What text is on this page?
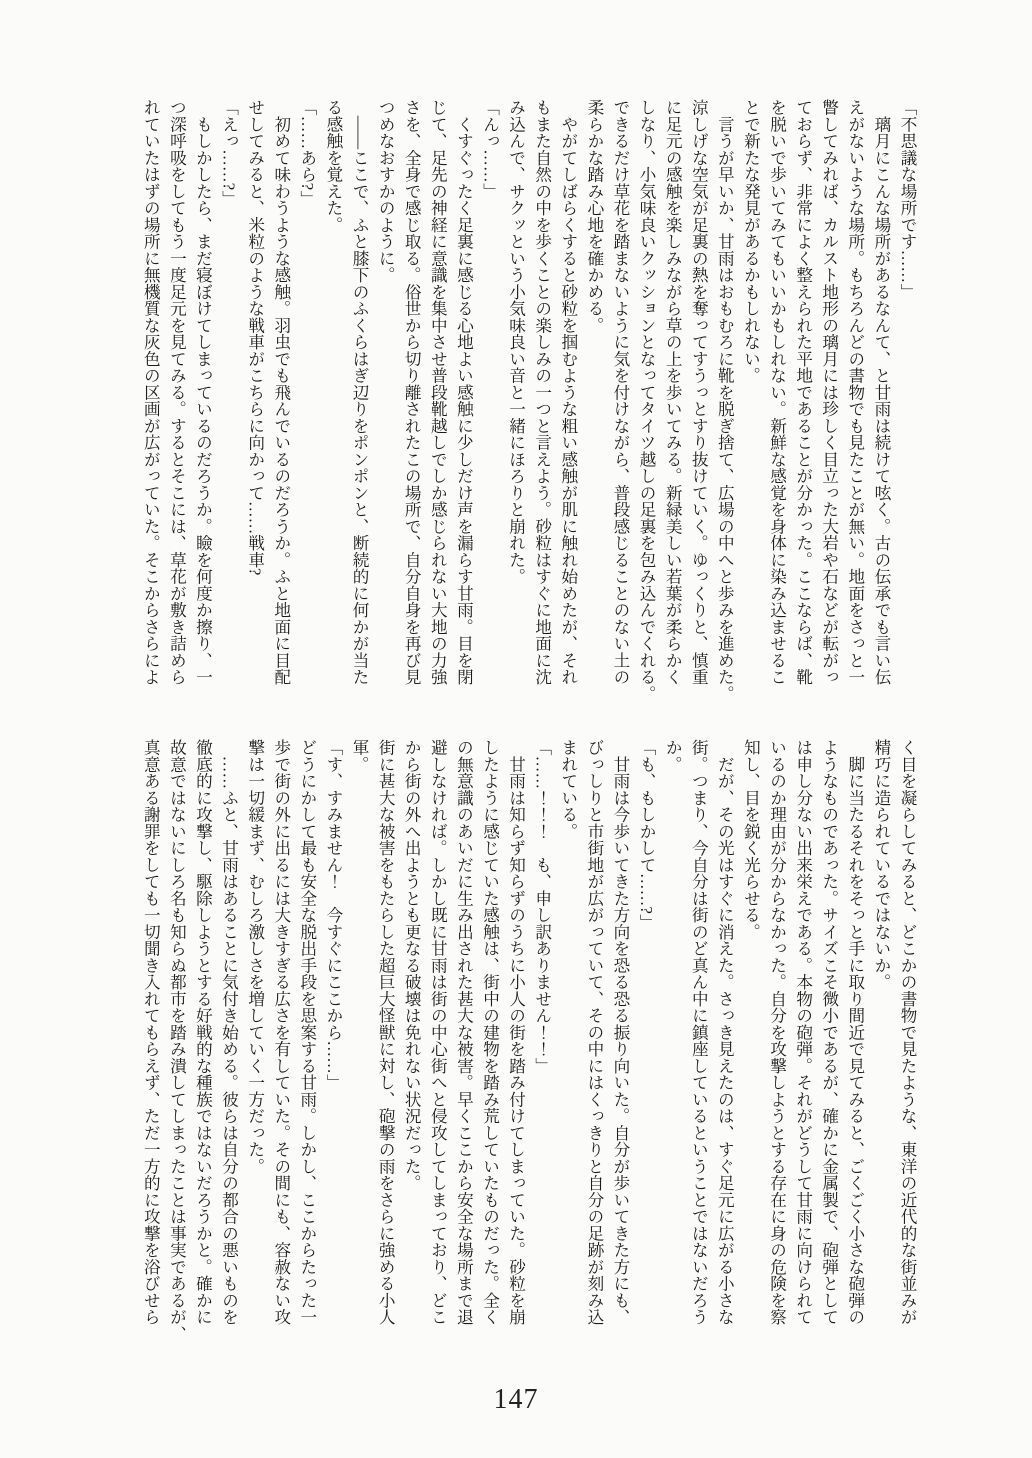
「不思議な場所です……」
　璃月にこんな場所があるなんて、と甘雨は続けて呟く。古の伝承でも言い伝
えがないような場所。もちろんどの書物でも見たことが無い。地面をさっと一
瞥してみれば、カルスト地形の璃月には珍しく目立った大岩や石などが転がっ
ておらず、非常によく整えられた平地であることが分かった。ここならば、靴
を脱いで歩いてみてもいいかもしれない。新鮮な感覚を身体に染み込ませるこ
とで新たな発見があるかもしれない。
　言うが早いか、甘雨はおもむろに靴を脱ぎ捨て、広場の中へと歩みを進めた。
涼しげな空気が足裏の熱を奪ってすうっとすり抜けていく。ゆっくりと、慎重
に足元の感触を楽しみながら草の上を歩いてみる。新緑美しい若葉が柔らかく
しなり、小気味良いクッションとなってタイツ越しの足裏を包み込んでくれる。
できるだけ草花を踏まないように気を付けながら、普段感じることのない土の
柔らかな踏み心地を確かめる。
　やがてしばらくすると砂粒を掴むような粗い感触が肌に触れ始めたが、それ
もまた自然の中を歩くことの楽しみの一つと言えよう。砂粒はすぐに地面に沈
み込んで、サクッという小気味良い音と一緒にほろりと崩れた。
「んっ……」
　くすぐったく足裏に感じる心地よい感触に少しだけ声を漏らす甘雨。目を閉
じて、足先の神経に意識を集中させ普段靴越しでしか感じられない大地の力強
さを、全身で感じ取る。俗世から切り離されたこの場所で、自分自身を再び見
つめなおすかのように。
　――ここで、ふと膝下のふくらはぎ辺りをポンポンと、断続的に何かが当た
る感触を覚えた。
「……あら?」
　初めて味わうような感触。羽虫でも飛んでいるのだろうか。ふと地面に目配
せしてみると、米粒のような戦車がこちらに向かって……戦車?
「えっ……?」
　もしかしたら、まだ寝ぼけてしまっているのだろうか。瞼を何度か擦り、一
つ深呼吸をしてもう一度足元を見てみる。するとそこには、草花が敷き詰めら
れていたはずの場所に無機質な灰色の区画が広がっていた。そこからさらによ
く目を凝らしてみると、どこかの書物で見たような、東洋の近代的な街並みが
精巧に造られているではないか。
　脚に当たるそれをそっと手に取り間近で見てみると、ごくごく小さな砲弾の
ようなものであった。サイズこそ微小であるが、確かに金属製で、砲弾として
は申し分ない出来栄えである。本物の砲弾。それがどうして甘雨に向けられて
いるのか理由が分からなかった。自分を攻撃しようとする存在に身の危険を察
知し、目を鋭く光らせる。
　だが、その光はすぐに消えた。さっき見えたのは、すぐ足元に広がる小さな
街。つまり、今自分は街のど真ん中に鎮座しているということではないだろう
か。
「も、もしかして……?」
　甘雨は今歩いてきた方向を恐る恐る振り向いた。自分が歩いてきた方にも、
びっしりと市街地が広がっていて、その中にはくっきりと自分の足跡が刻み込
まれている。
「……！！！　も、申し訳ありません！！」
　甘雨は知らず知らずのうちに小人の街を踏み付けてしまっていた。砂粒を崩
したように感じていた感触は、街中の建物を踏み荒していたものだった。全く
の無意識のあいだに生み出された甚大な被害。早くここから安全な場所まで退
避しなければ。しかし既に甘雨は街の中心街へと侵攻してしまっており、どこ
から街の外へ出ようとも更なる破壊は免れない状況だった。
街に甚大な被害をもたらした超巨大怪獣に対し、砲撃の雨をさらに強める小人
軍。
「す、すみません！　今すぐにここから……」
どうにかして最も安全な脱出手段を思案する甘雨。しかし、ここからたった一
歩で街の外に出るには大きすぎる広さを有していた。その間にも、容赦ない攻
撃は一切緩まず、むしろ激しさを増していく一方だった。
　……ふと、甘雨はあることに気付き始める。彼らは自分の都合の悪いものを
徹底的に攻撃し、駆除しようとする好戦的な種族ではないだろうかと。確かに
故意ではないにしろ名も知らぬ都市を踏み潰してしまったことは事実であるが、
真意ある謝罪をしても一切聞き入れてもらえず、ただ一方的に攻撃を浴びせら
147
